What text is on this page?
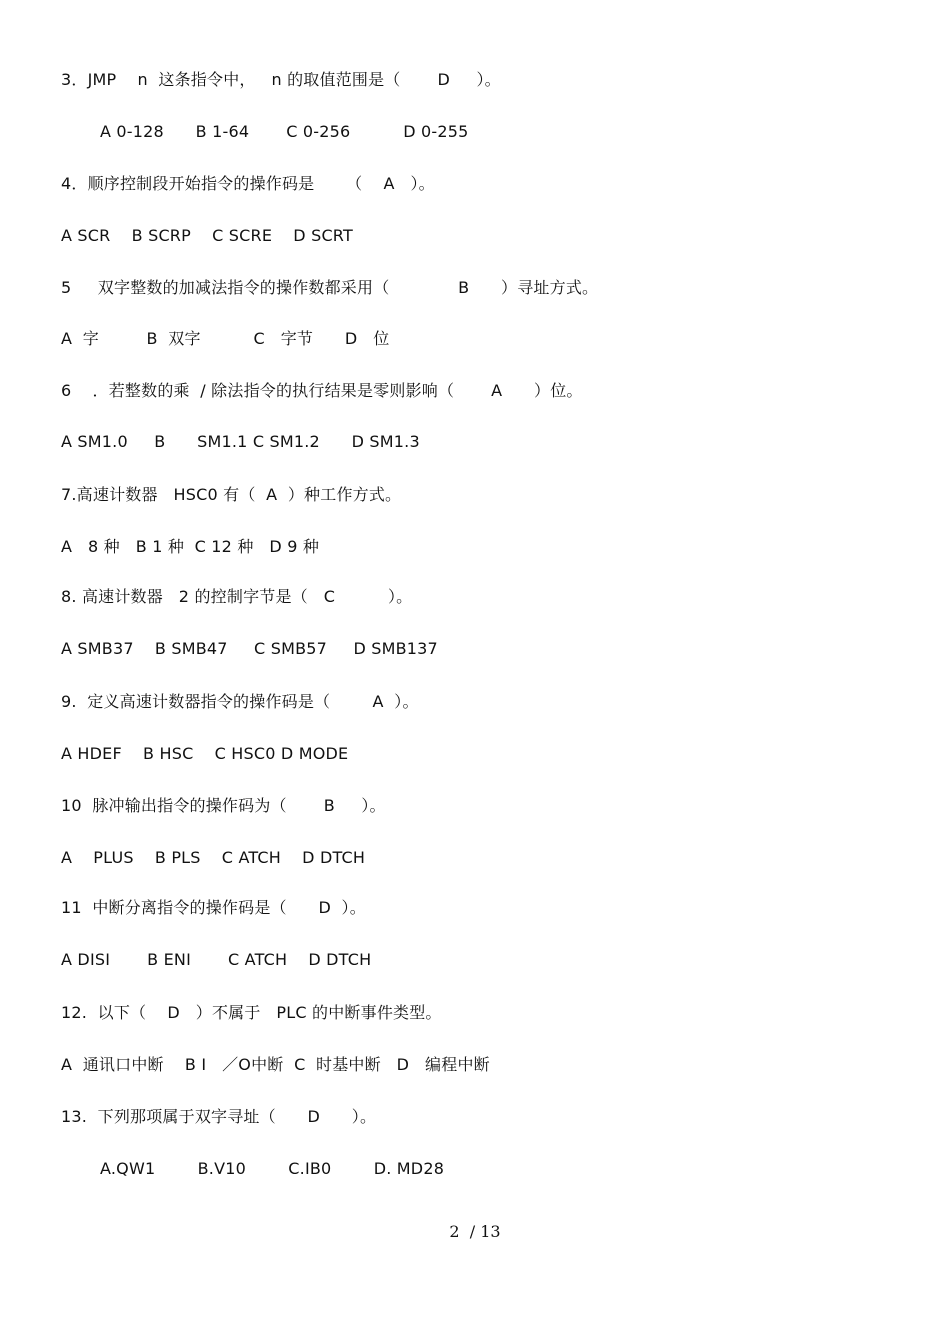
3．JMP    n  这条指令中，   n 的取值范围是（       D     ）。
A 0-128      B 1-64       C 0-256          D 0-255
4．顺序控制段开始指令的操作码是      （    A   ）。
A SCR    B SCRP    C SCRE    D SCRT
5     双字整数的加减法指令的操作数都采用（             B      ）寻址方式。
A  字         B  双字          C   字节      D   位
6    ．若整数的乘  / 除法指令的执行结果是零则影响（       A      ）位。
A SM1.0     B      SM1.1 C SM1.2      D SM1.3
7.高速计数器   HSC0 有（  A  ）种工作方式。
A   8 种   B 1 种  C 12 种   D 9 种
8. 高速计数器   2 的控制字节是（   C          ）。
A SMB37    B SMB47     C SMB57     D SMB137
9.  定义高速计数器指令的操作码是（        A  ）。
A HDEF    B HSC    C HSC0 D MODE
10  脉冲输出指令的操作码为（       B     ）。
A    PLUS    B PLS    C ATCH    D DTCH
11  中断分离指令的操作码是（      D  ）。
A DISI       B ENI       C ATCH    D DTCH
12.  以下（    D   ）不属于   PLC 的中断事件类型。
A  通讯口中断    B I   ／O中断  C  时基中断   D   编程中断
13.  下列那项属于双字寻址（      D      ）。
A.QW1        B.V10        C.IB0        D. MD28
2 / 13
